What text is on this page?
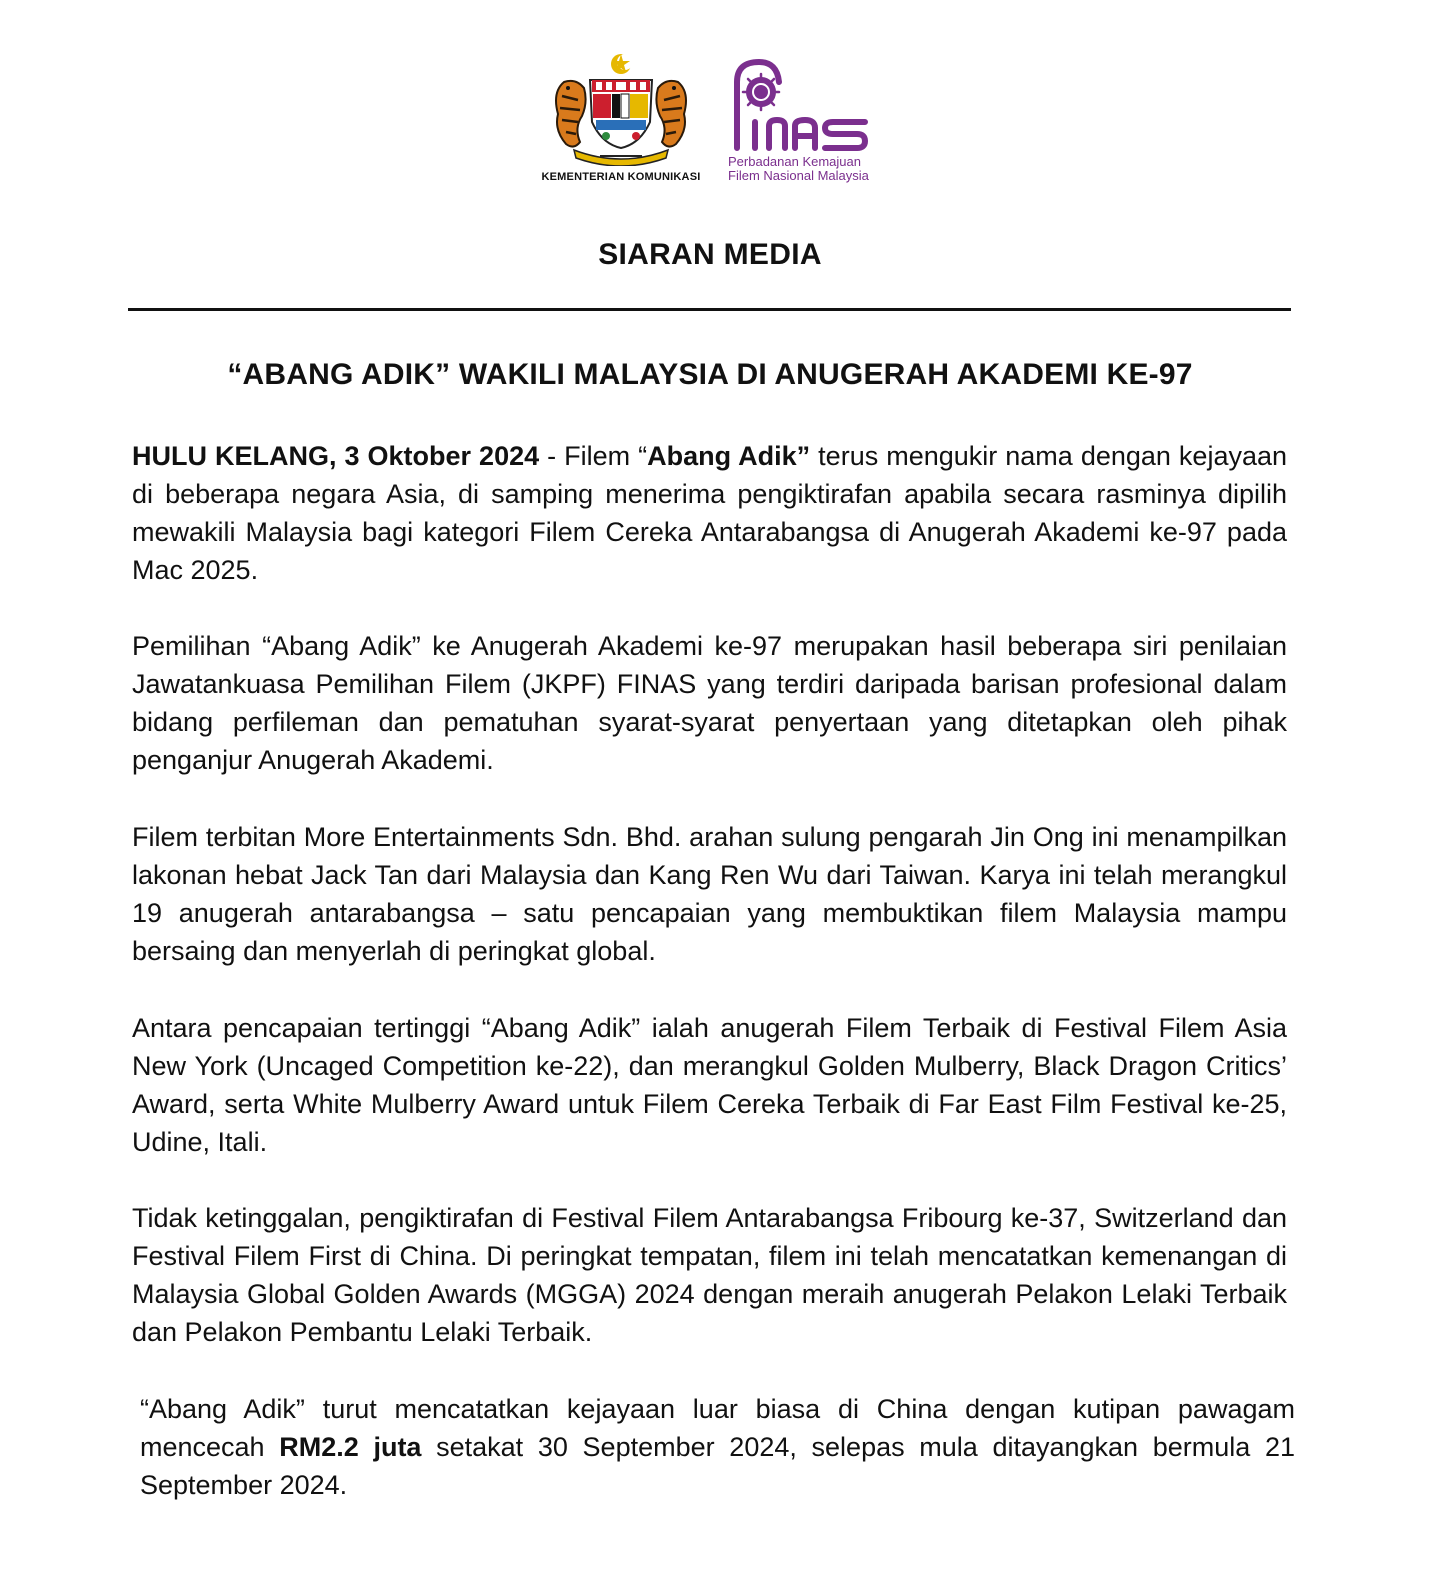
KEMENTERIAN KOMUNIKASI
Perbadanan Kemajuan
Filem Nasional Malaysia
SIARAN MEDIA
“ABANG ADIK” WAKILI MALAYSIA DI ANUGERAH AKADEMI KE-97

HULU KELANG, 3 Oktober 2024 - Filem “Abang Adik” terus mengukir nama dengan kejayaan di beberapa negara Asia, di samping menerima pengiktirafan apabila secara rasminya dipilih mewakili Malaysia bagi kategori Filem Cereka Antarabangsa di Anugerah Akademi ke-97 pada Mac 2025.

Pemilihan “Abang Adik” ke Anugerah Akademi ke-97 merupakan hasil beberapa siri penilaian Jawatankuasa Pemilihan Filem (JKPF) FINAS yang terdiri daripada barisan profesional dalam bidang perfileman dan pematuhan syarat-syarat penyertaan yang ditetapkan oleh pihak penganjur Anugerah Akademi.

Filem terbitan More Entertainments Sdn. Bhd. arahan sulung pengarah Jin Ong ini menampilkan lakonan hebat Jack Tan dari Malaysia dan Kang Ren Wu dari Taiwan. Karya ini telah merangkul 19 anugerah antarabangsa – satu pencapaian yang membuktikan filem Malaysia mampu bersaing dan menyerlah di peringkat global.

Antara pencapaian tertinggi “Abang Adik” ialah anugerah Filem Terbaik di Festival Filem Asia New York (Uncaged Competition ke-22), dan merangkul Golden Mulberry, Black Dragon Critics’ Award, serta White Mulberry Award untuk Filem Cereka Terbaik di Far East Film Festival ke-25, Udine, Itali.

Tidak ketinggalan, pengiktirafan di Festival Filem Antarabangsa Fribourg ke-37, Switzerland dan Festival Filem First di China. Di peringkat tempatan, filem ini telah mencatatkan kemenangan di Malaysia Global Golden Awards (MGGA) 2024 dengan meraih anugerah Pelakon Lelaki Terbaik dan Pelakon Pembantu Lelaki Terbaik.

“Abang Adik” turut mencatatkan kejayaan luar biasa di China dengan kutipan pawagam mencecah RM2.2 juta setakat 30 September 2024, selepas mula ditayangkan bermula 21 September 2024.
